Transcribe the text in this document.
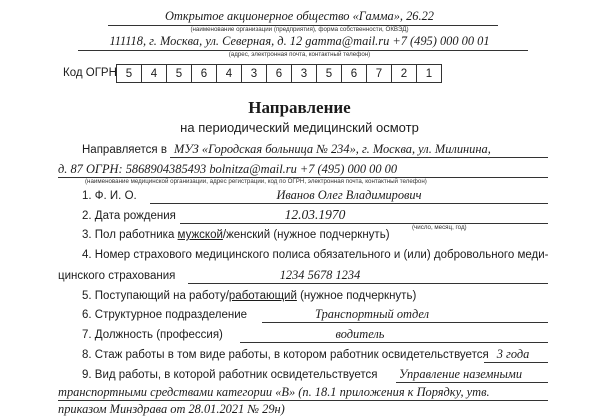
Открытое акционерное общество «Гамма», 26.22
(наименование организации (предприятия), форма собственности, ОКВЭД)
111118, г. Москва, ул. Северная, д. 12 gamma@mail.ru +7 (495) 000 00 01
(адрес, электронная почта, контактный телефон)
Код ОГРН 5	4	5	6	4	3	6	3	5	6	7	2	1
Направление
на периодический медицинский осмотр
Направляется в МУЗ «Городская больница № 234», г. Москва, ул. Милинина,
д. 87 ОГРН: 5868904385493 bolnitza@mail.ru +7 (495) 000 00 00
(наименование медицинской организации, адрес регистрации, код по ОГРН, электронная почта, контактный телефон)
1. Ф. И. О.	Иванов Олег Владимирович
2. Дата рождения	12.03.1970
(число, месяц, год)
3. Пол работника мужской/женский (нужное подчеркнуть)
4. Номер страхового медицинского полиса обязательного и (или) добровольного меди-
цинского страхования	1234 5678 1234
5. Поступающий на работу/работающий (нужное подчеркнуть)
6. Структурное подразделение	Транспортный отдел
7. Должность (профессия)	водитель
8. Стаж работы в том виде работы, в котором работник освидетельствуется 3 года
9. Вид работы, в которой работник освидетельствуется Управление наземными
транспортными средствами категории «В» (п. 18.1 приложения к Порядку, утв.
приказом Минздрава от 28.01.2021 № 29н)
